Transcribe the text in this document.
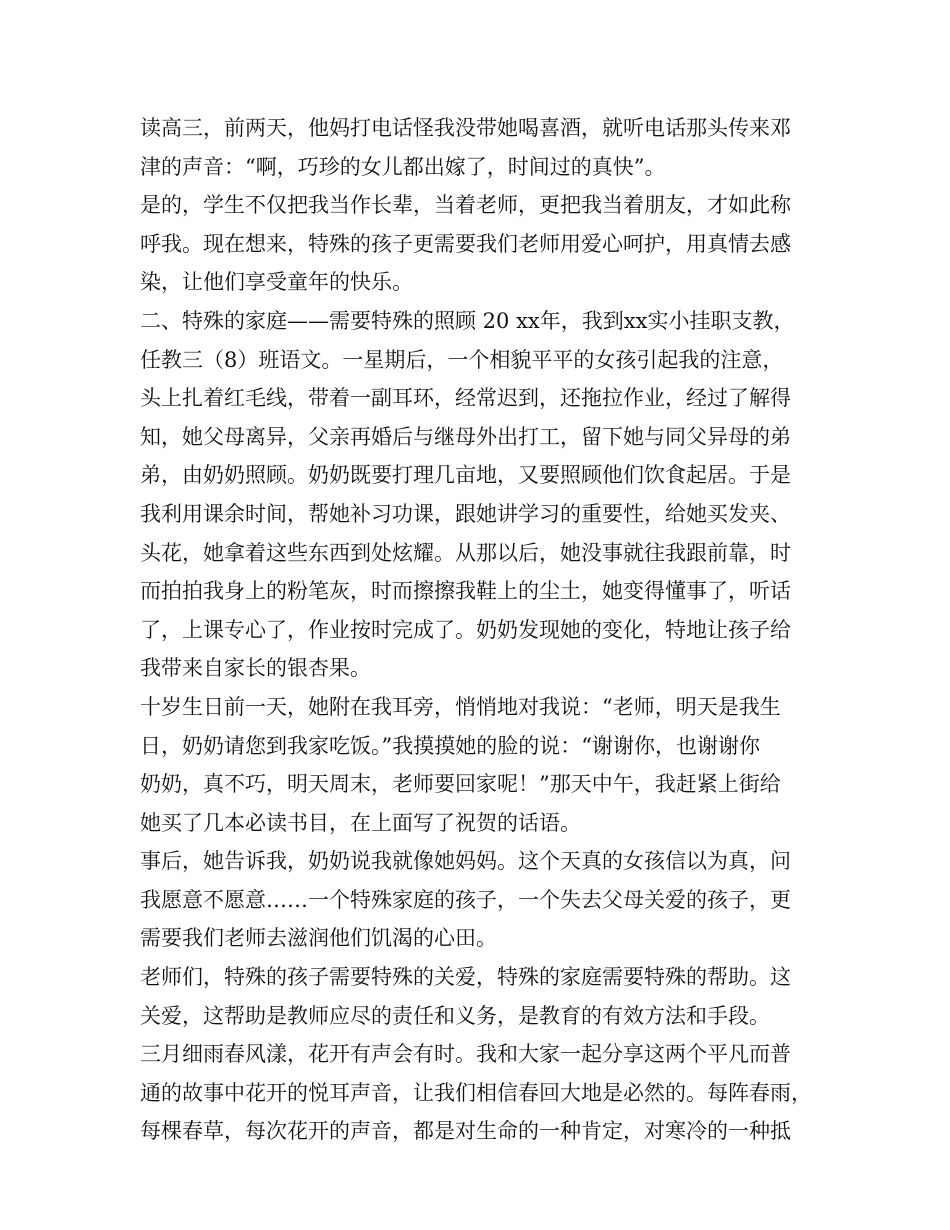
读高三，前两天，他妈打电话怪我没带她喝喜酒，就听电话那头传来邓
津的声音：“啊，巧珍的女儿都出嫁了，时间过的真快”。
是的，学生不仅把我当作长辈，当着老师，更把我当着朋友，才如此称
呼我。现在想来，特殊的孩子更需要我们老师用爱心呵护，用真情去感
染，让他们享受童年的快乐。
二、特殊的家庭——需要特殊的照顾 20 xx年，我到xx实小挂职支教，
任教三（8）班语文。一星期后，一个相貌平平的女孩引起我的注意，
头上扎着红毛线，带着一副耳环，经常迟到，还拖拉作业，经过了解得
知，她父母离异，父亲再婚后与继母外出打工，留下她与同父异母的弟
弟，由奶奶照顾。奶奶既要打理几亩地，又要照顾他们饮食起居。于是
我利用课余时间，帮她补习功课，跟她讲学习的重要性，给她买发夹、
头花，她拿着这些东西到处炫耀。从那以后，她没事就往我跟前靠，时
而拍拍我身上的粉笔灰，时而擦擦我鞋上的尘土，她变得懂事了，听话
了，上课专心了，作业按时完成了。奶奶发现她的变化，特地让孩子给
我带来自家长的银杏果。
十岁生日前一天，她附在我耳旁，悄悄地对我说：“老师，明天是我生
日，奶奶请您到我家吃饭。”我摸摸她的脸的说：“谢谢你，也谢谢你
奶奶，真不巧，明天周末，老师要回家呢！”那天中午，我赶紧上街给
她买了几本必读书目，在上面写了祝贺的话语。
事后，她告诉我，奶奶说我就像她妈妈。这个天真的女孩信以为真，问
我愿意不愿意……一个特殊家庭的孩子，一个失去父母关爱的孩子，更
需要我们老师去滋润他们饥渴的心田。
老师们，特殊的孩子需要特殊的关爱，特殊的家庭需要特殊的帮助。这
关爱，这帮助是教师应尽的责任和义务，是教育的有效方法和手段。
三月细雨春风漾，花开有声会有时。我和大家一起分享这两个平凡而普
通的故事中花开的悦耳声音，让我们相信春回大地是必然的。每阵春雨，
每棵春草，每次花开的声音，都是对生命的一种肯定，对寒冷的一种抵
